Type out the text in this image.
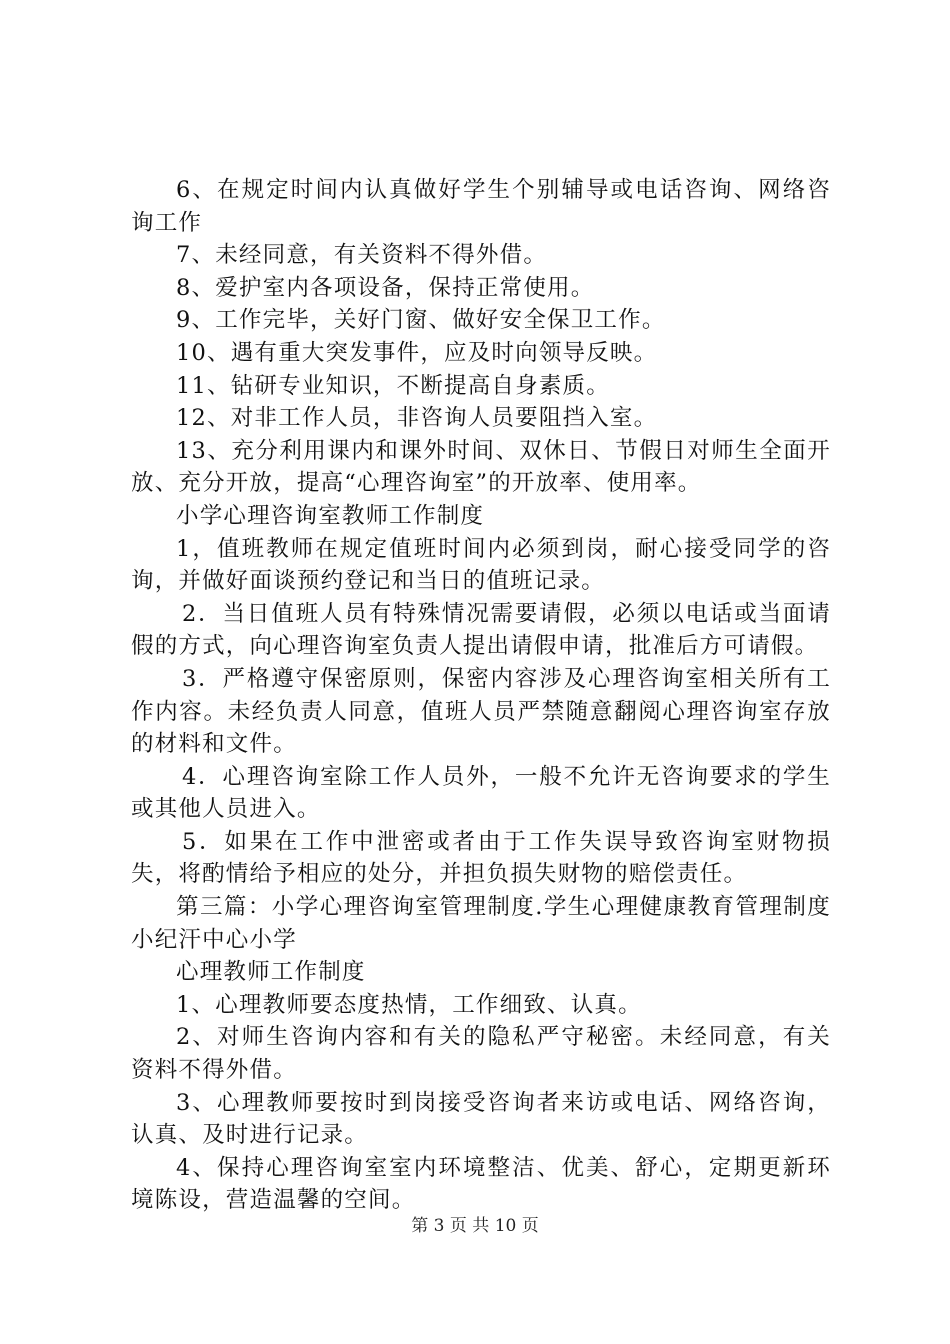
6、在规定时间内认真做好学生个别辅导或电话咨询、网络咨询工作

7、未经同意，有关资料不得外借。

8、爱护室内各项设备，保持正常使用。

9、工作完毕，关好门窗、做好安全保卫工作。

10、遇有重大突发事件，应及时向领导反映。

11、钻研专业知识，不断提高自身素质。

12、对非工作人员，非咨询人员要阻挡入室。

13、充分利用课内和课外时间、双休日、节假日对师生全面开放、充分开放，提高“心理咨询室”的开放率、使用率。

小学心理咨询室教师工作制度

1，值班教师在规定值班时间内必须到岗，耐心接受同学的咨询，并做好面谈预约登记和当日的值班记录。

2．当日值班人员有特殊情况需要请假，必须以电话或当面请假的方式，向心理咨询室负责人提出请假申请，批准后方可请假。

3．严格遵守保密原则，保密内容涉及心理咨询室相关所有工作内容。未经负责人同意，值班人员严禁随意翻阅心理咨询室存放的材料和文件。

4．心理咨询室除工作人员外，一般不允许无咨询要求的学生或其他人员进入。

5．如果在工作中泄密或者由于工作失误导致咨询室财物损失，将酌情给予相应的处分，并担负损失财物的赔偿责任。

第三篇：小学心理咨询室管理制度.学生心理健康教育管理制度小纪汗中心小学

心理教师工作制度

1、心理教师要态度热情，工作细致、认真。

2、对师生咨询内容和有关的隐私严守秘密。未经同意，有关资料不得外借。

3、心理教师要按时到岗接受咨询者来访或电话、网络咨询，认真、及时进行记录。

4、保持心理咨询室室内环境整洁、优美、舒心，定期更新环境陈设，营造温馨的空间。

第 3 页 共 10 页
